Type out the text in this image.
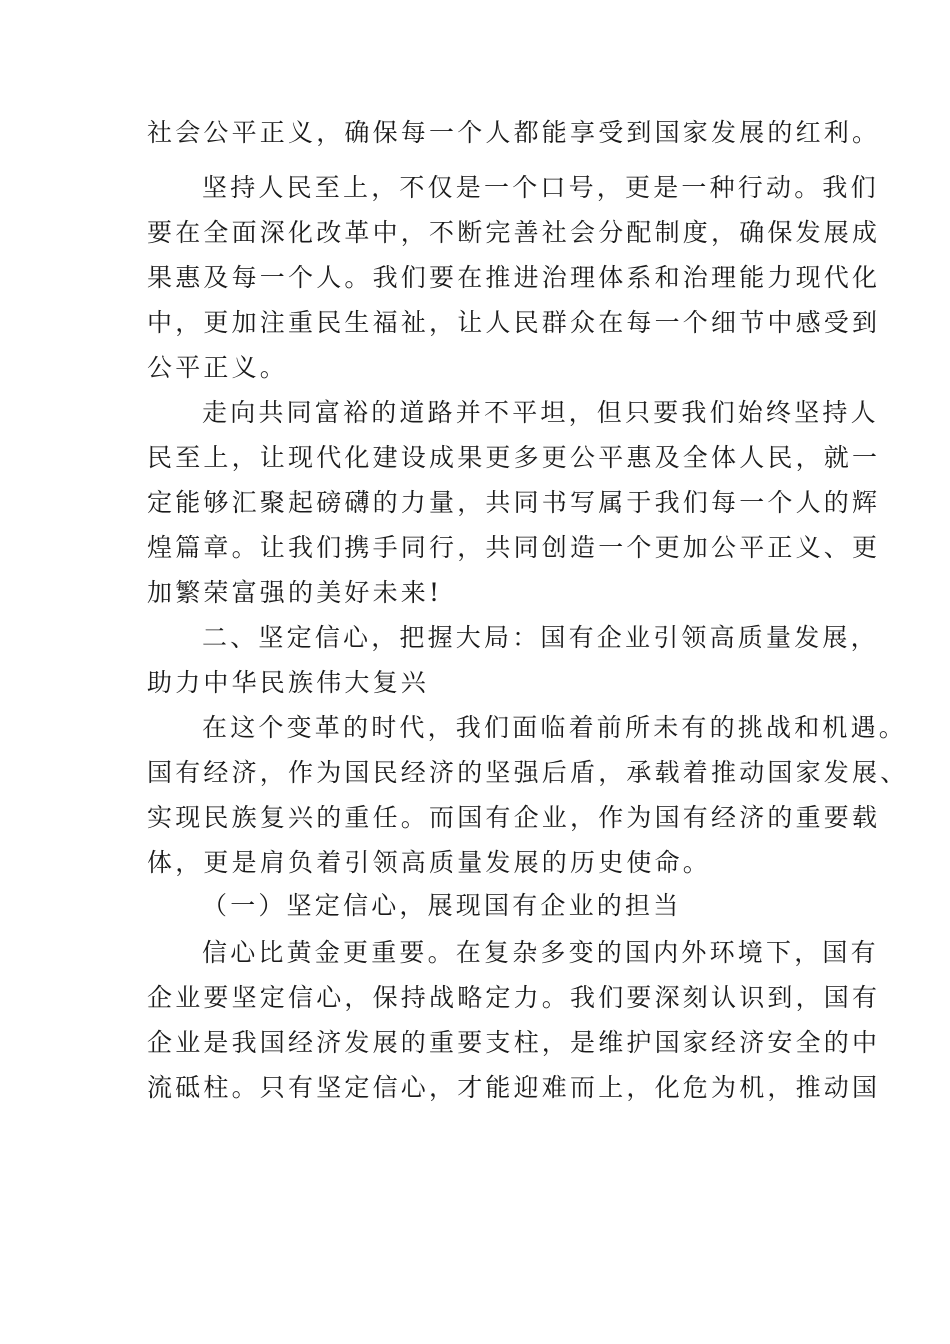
社会公平正义，确保每一个人都能享受到国家发展的红利。
坚持人民至上，不仅是一个口号，更是一种行动。我们
要在全面深化改革中，不断完善社会分配制度，确保发展成
果惠及每一个人。我们要在推进治理体系和治理能力现代化
中，更加注重民生福祉，让人民群众在每一个细节中感受到
公平正义。
走向共同富裕的道路并不平坦，但只要我们始终坚持人
民至上，让现代化建设成果更多更公平惠及全体人民，就一
定能够汇聚起磅礴的力量，共同书写属于我们每一个人的辉
煌篇章。让我们携手同行，共同创造一个更加公平正义、更
加繁荣富强的美好未来!
二、坚定信心，把握大局：国有企业引领高质量发展，
助力中华民族伟大复兴
在这个变革的时代，我们面临着前所未有的挑战和机遇。
国有经济，作为国民经济的坚强后盾，承载着推动国家发展、
实现民族复兴的重任。而国有企业，作为国有经济的重要载
体，更是肩负着引领高质量发展的历史使命。
（一）坚定信心，展现国有企业的担当
信心比黄金更重要。在复杂多变的国内外环境下，国有
企业要坚定信心，保持战略定力。我们要深刻认识到，国有
企业是我国经济发展的重要支柱，是维护国家经济安全的中
流砥柱。只有坚定信心，才能迎难而上，化危为机，推动国
